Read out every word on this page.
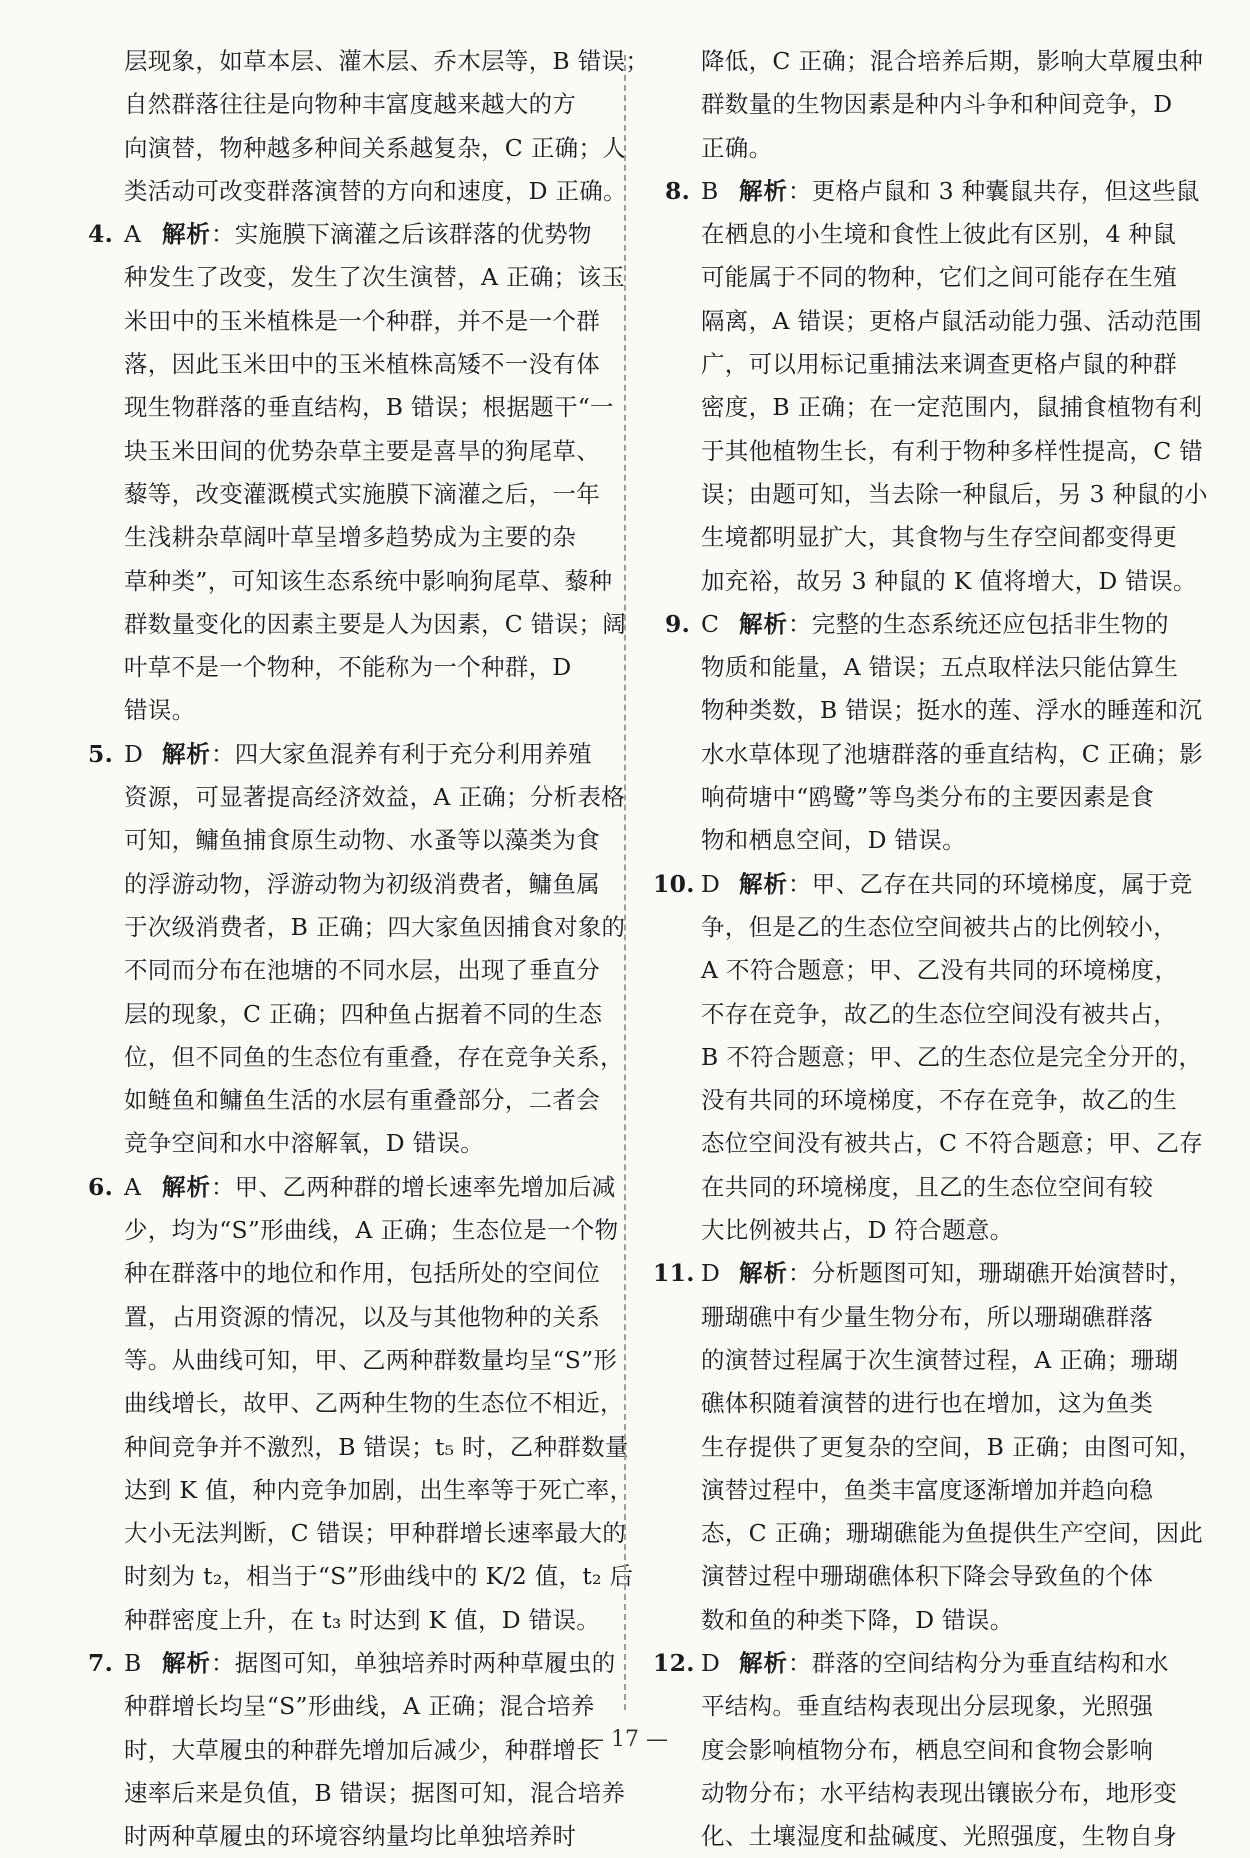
层现象，如草本层、灌木层、乔木层等，B 错误；
自然群落往往是向物种丰富度越来越大的方
向演替，物种越多种间关系越复杂，C 正确；人
类活动可改变群落演替的方向和速度，D 正确。
4. A 解析：实施膜下滴灌之后该群落的优势物
种发生了改变，发生了次生演替，A 正确；该玉
米田中的玉米植株是一个种群，并不是一个群
落，因此玉米田中的玉米植株高矮不一没有体
现生物群落的垂直结构，B 错误；根据题干“一
块玉米田间的优势杂草主要是喜旱的狗尾草、
藜等，改变灌溉模式实施膜下滴灌之后，一年
生浅耕杂草阔叶草呈增多趋势成为主要的杂
草种类”，可知该生态系统中影响狗尾草、藜种
群数量变化的因素主要是人为因素，C 错误；阔
叶草不是一个物种，不能称为一个种群，D
错误。
5. D 解析：四大家鱼混养有利于充分利用养殖
资源，可显著提高经济效益，A 正确；分析表格
可知，鳙鱼捕食原生动物、水蚤等以藻类为食
的浮游动物，浮游动物为初级消费者，鳙鱼属
于次级消费者，B 正确；四大家鱼因捕食对象的
不同而分布在池塘的不同水层，出现了垂直分
层的现象，C 正确；四种鱼占据着不同的生态
位，但不同鱼的生态位有重叠，存在竞争关系，
如鲢鱼和鳙鱼生活的水层有重叠部分，二者会
竞争空间和水中溶解氧，D 错误。
6. A 解析：甲、乙两种群的增长速率先增加后减
少，均为“S”形曲线，A 正确；生态位是一个物
种在群落中的地位和作用，包括所处的空间位
置，占用资源的情况，以及与其他物种的关系
等。从曲线可知，甲、乙两种群数量均呈“S”形
曲线增长，故甲、乙两种生物的生态位不相近，
种间竞争并不激烈，B 错误；t₅ 时，乙种群数量
达到 K 值，种内竞争加剧，出生率等于死亡率，
大小无法判断，C 错误；甲种群增长速率最大的
时刻为 t₂，相当于“S”形曲线中的 K/2 值，t₂ 后
种群密度上升，在 t₃ 时达到 K 值，D 错误。
7. B 解析：据图可知，单独培养时两种草履虫的
种群增长均呈“S”形曲线，A 正确；混合培养
时，大草履虫的种群先增加后减少，种群增长
速率后来是负值，B 错误；据图可知，混合培养
时两种草履虫的环境容纳量均比单独培养时
降低，C 正确；混合培养后期，影响大草履虫种
群数量的生物因素是种内斗争和种间竞争，D
正确。
8. B 解析：更格卢鼠和 3 种囊鼠共存，但这些鼠
在栖息的小生境和食性上彼此有区别，4 种鼠
可能属于不同的物种，它们之间可能存在生殖
隔离，A 错误；更格卢鼠活动能力强、活动范围
广，可以用标记重捕法来调查更格卢鼠的种群
密度，B 正确；在一定范围内，鼠捕食植物有利
于其他植物生长，有利于物种多样性提高，C 错
误；由题可知，当去除一种鼠后，另 3 种鼠的小
生境都明显扩大，其食物与生存空间都变得更
加充裕，故另 3 种鼠的 K 值将增大，D 错误。
9. C 解析：完整的生态系统还应包括非生物的
物质和能量，A 错误；五点取样法只能估算生
物种类数，B 错误；挺水的莲、浮水的睡莲和沉
水水草体现了池塘群落的垂直结构，C 正确；影
响荷塘中“鸥鹭”等鸟类分布的主要因素是食
物和栖息空间，D 错误。
10. D 解析：甲、乙存在共同的环境梯度，属于竞
争，但是乙的生态位空间被共占的比例较小，
A 不符合题意；甲、乙没有共同的环境梯度，
不存在竞争，故乙的生态位空间没有被共占，
B 不符合题意；甲、乙的生态位是完全分开的，
没有共同的环境梯度，不存在竞争，故乙的生
态位空间没有被共占，C 不符合题意；甲、乙存
在共同的环境梯度，且乙的生态位空间有较
大比例被共占，D 符合题意。
11. D 解析：分析题图可知，珊瑚礁开始演替时，
珊瑚礁中有少量生物分布，所以珊瑚礁群落
的演替过程属于次生演替过程，A 正确；珊瑚
礁体积随着演替的进行也在增加，这为鱼类
生存提供了更复杂的空间，B 正确；由图可知，
演替过程中，鱼类丰富度逐渐增加并趋向稳
态，C 正确；珊瑚礁能为鱼提供生产空间，因此
演替过程中珊瑚礁体积下降会导致鱼的个体
数和鱼的种类下降，D 错误。
12. D 解析：群落的空间结构分为垂直结构和水
平结构。垂直结构表现出分层现象，光照强
度会影响植物分布，栖息空间和食物会影响
动物分布；水平结构表现出镶嵌分布，地形变
化、土壤湿度和盐碱度、光照强度，生物自身
— 17 —
